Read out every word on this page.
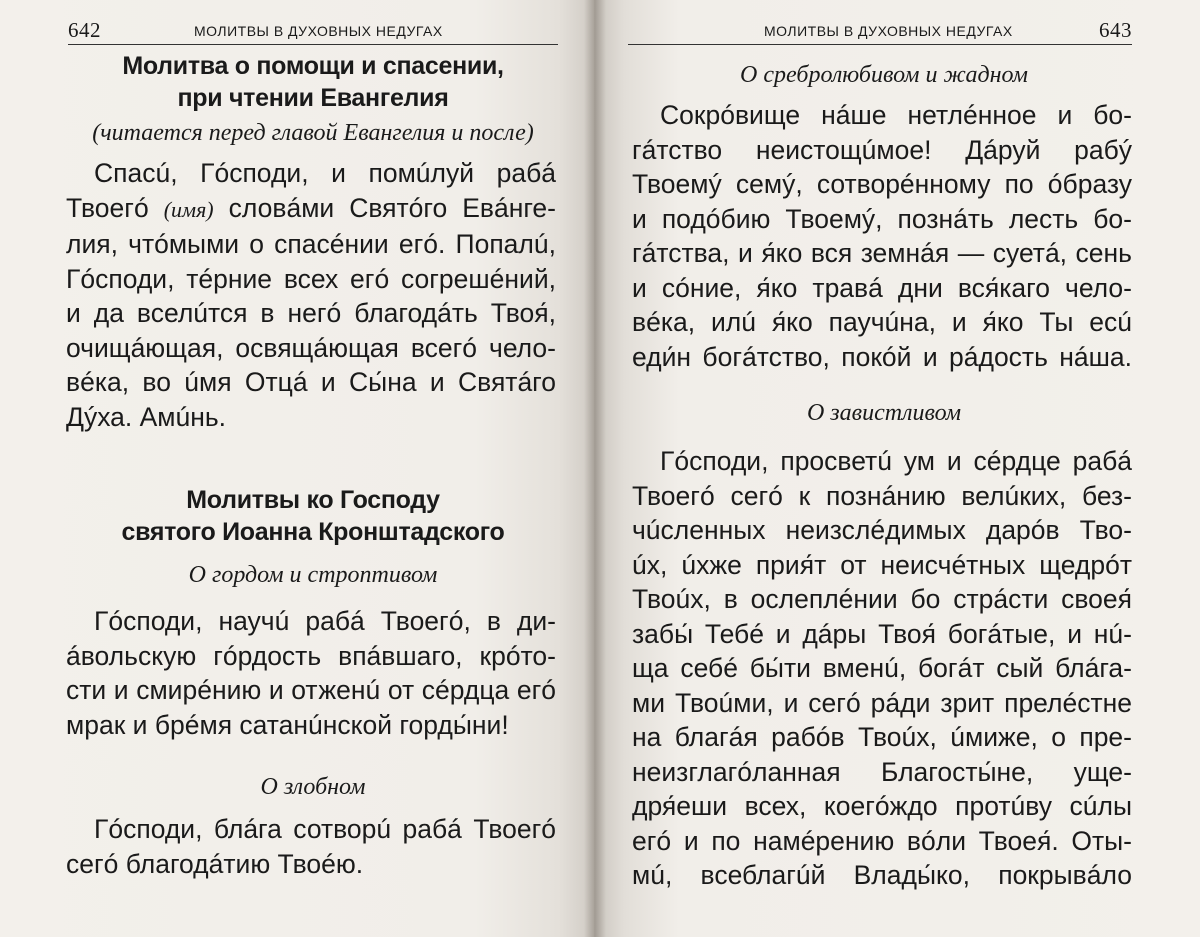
642	МОЛИТВЫ В ДУХОВНЫХ НЕДУГАХ
Молитва о помощи и спасении,
при чтении Евангелия
(читается перед главой Евангелия и после)
Спасú, Гóсподи, и помúлуй рабá
Твоегó (имя) словáми Святóго Евáнге-
лия, чтóмыми о спасéнии егó. Попалú,
Гóсподи, тéрние всех егó согрешéний,
и да вселúтся в негó благодáть Твоя́,
очищáющая, освящáющая всегó чело-
вéка, во úмя Отцá и Сы́на и Святáго
Дýха. Амúнь.
Молитвы ко Господу
святого Иоанна Кронштадского
О гордом и строптивом
Гóсподи, научú рабá Твоегó, в ди-
áвольскую гóрдость впáвшаго, крóто-
сти и смирéнию и отженú от сéрдца егó
мрак и брéмя сатанúнской горды́ни!
О злобном
Гóсподи, блáга сотворú рабá Твоегó
сегó благодáтию Твоéю.
МОЛИТВЫ В ДУХОВНЫХ НЕДУГАХ	643
О сребролюбивом и жадном
Сокрóвище нáше нетлéнное и бо-
гáтство неистощúмое! Дáруй рабý
Твоемý семý, сотворéнному по óбразу
и подóбию Твоемý, познáть лесть бо-
гáтства, и я́ко вся земнáя — суетá, сень
и сóние, я́ко травá дни вся́каго чело-
вéка, илú я́ко паучúна, и я́ко Ты есú
еди́н богáтство, покóй и рáдость нáша.
О завистливом
Гóсподи, просветú ум и сéрдце рабá
Твоегó сегó к познáнию велúких, без-
чúсленных неизслéдимых дарóв Тво-
úх, úхже прия́т от неисчéтных щедрóт
Твоúх, в ослеплéнии бо стрáсти своея́
забы́ Тебé и дáры Твоя́ богáтые, и нú-
ща себé бы́ти вменú, богáт сый блáга-
ми Твоúми, и сегó рáди зрит прелéстне
на благáя рабóв Твоúх, úмиже, о пре-
неизглагóланная Благосты́не, уще-
дря́еши всех, коегóждо протúву сúлы
егó и по намéрению вóли Твоея́. Оты-
мú, всеблагúй Влады́ко, покрывáло
